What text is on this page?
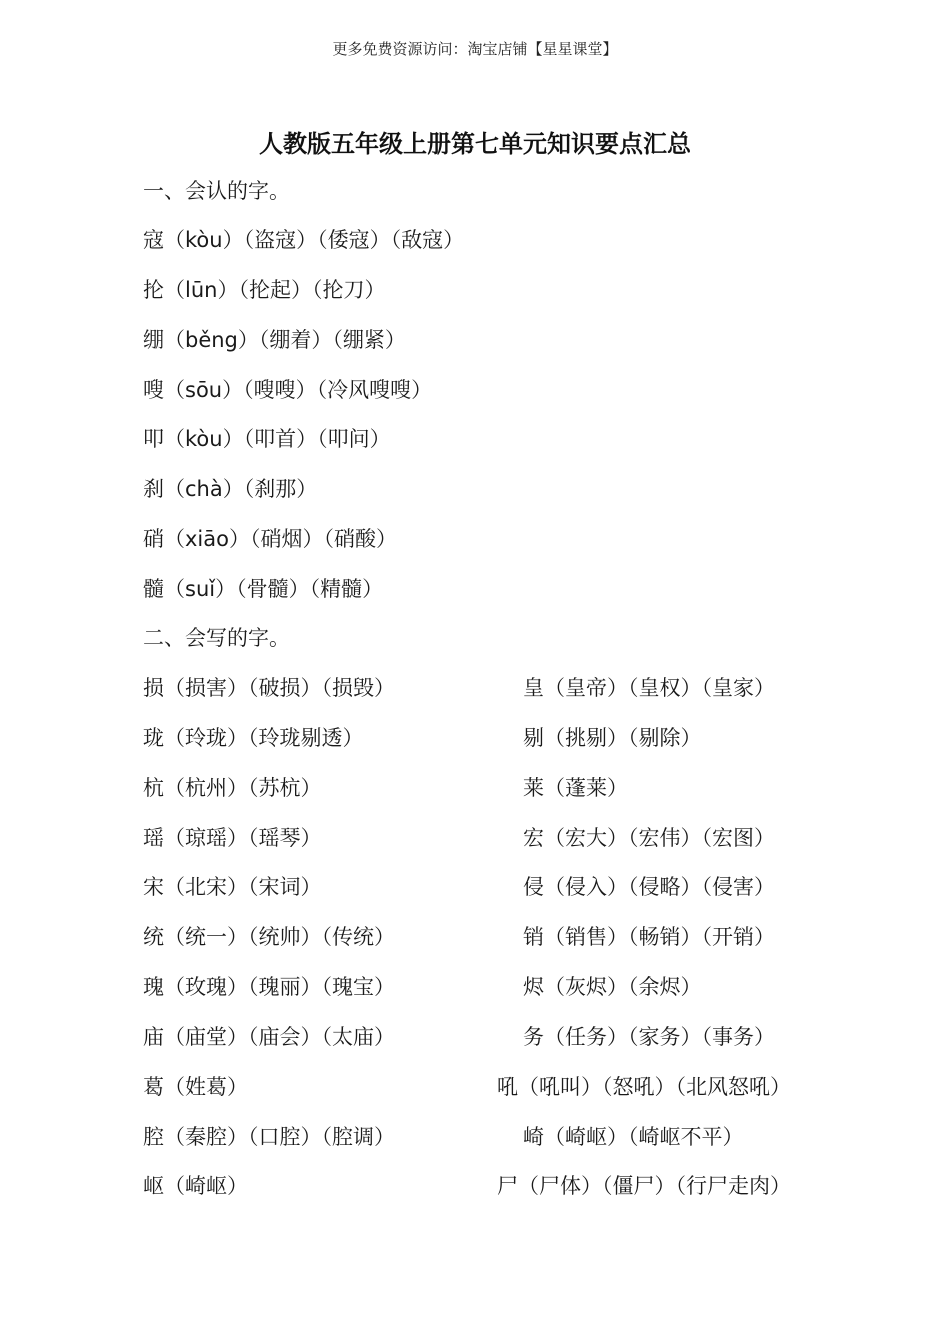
更多免费资源访问：淘宝店铺【星星课堂】
人教版五年级上册第七单元知识要点汇总
一、会认的字。
寇（kòu）（盗寇）（倭寇）（敌寇）
抡（lūn）（抡起）（抡刀）
绷（běng）（绷着）（绷紧）
嗖（sōu）（嗖嗖）（冷风嗖嗖）
叩（kòu）（叩首）（叩问）
刹（chà）（刹那）
硝（xiāo）（硝烟）（硝酸）
髓（suǐ）（骨髓）（精髓）
二、会写的字。
损（损害）（破损）（损毁）
珑（玲珑）（玲珑剔透）
杭（杭州）（苏杭）
瑶（琼瑶）（瑶琴）
宋（北宋）（宋词）
统（统一）（统帅）（传统）
瑰（玫瑰）（瑰丽）（瑰宝）
庙（庙堂）（庙会）（太庙）
葛（姓葛）
腔（秦腔）（口腔）（腔调）
岖（崎岖）
皇（皇帝）（皇权）（皇家）
剔（挑剔）（剔除）
莱（蓬莱）
宏（宏大）（宏伟）（宏图）
侵（侵入）（侵略）（侵害）
销（销售）（畅销）（开销）
烬（灰烬）（余烬）
务（任务）（家务）（事务）
吼（吼叫）（怒吼）（北风怒吼）
崎（崎岖）（崎岖不平）
尸（尸体）（僵尸）（行尸走肉）
